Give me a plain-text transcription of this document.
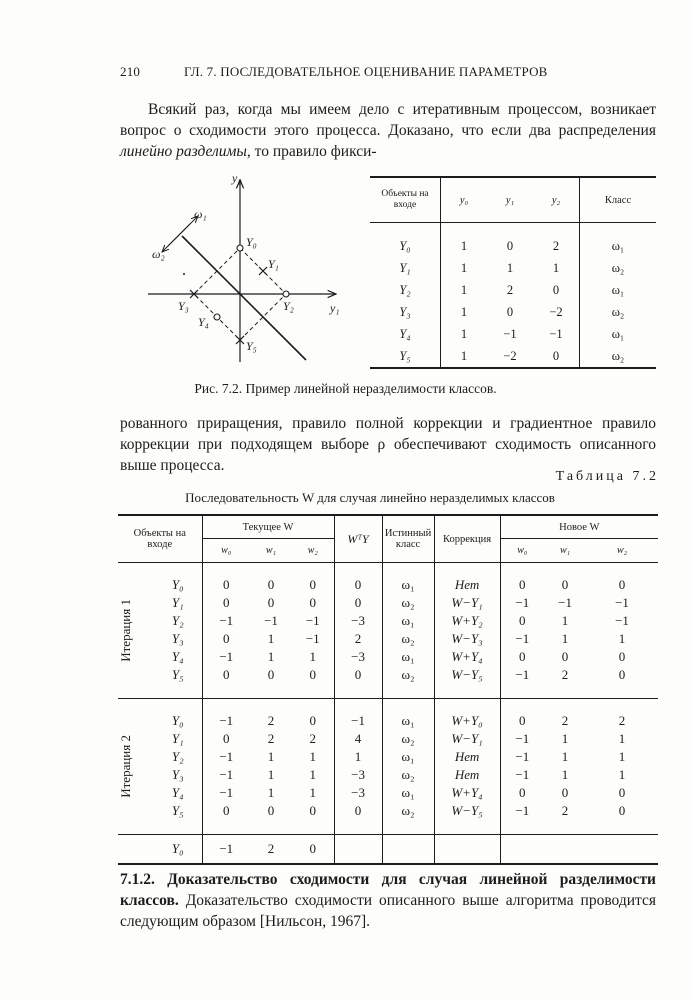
210	ГЛ. 7. ПОСЛЕДОВАТЕЛЬНОЕ ОЦЕНИВАНИЕ ПАРАМЕТРОВ

Всякий раз, когда мы имеем дело с итеративным процессом, возникает вопрос о сходимости этого процесса. Доказано, что если два распределения линейно разделимы, то правило фикси-

y₂
y₁
ω₁
ω₂
Y₀
Y₁
Y₂
Y₃
Y₄
Y₅
Объекты на входе	y₀	y₁	y₂	Класс
Y₀	1	0	2	ω₁
Y₁	1	1	1	ω₂
Y₂	1	2	0	ω₁
Y₃	1	0	−2	ω₂
Y₄	1	−1	−1	ω₁
Y₅	1	−2	0	ω₂
Рис. 7.2. Пример линейной неразделимости классов.

рованного приращения, правило полной коррекции и градиентное правило коррекции при подходящем выборе ρ обеспечивают сходимость описанного выше процесса.

Таблица 7.2
Последовательность W для случая линейно неразделимых классов
Объекты на входе		Текущее W			WᵀY	Истинный класс	Коррекция	Новое W		
		w₀	w₁	w₂				w₀	w₁	w₂

Итерация 1	Y₀	0	0	0	0	ω₁	Нет	0	0	0
	Y₁	0	0	0	0	ω₂	W−Y₁	−1	−1	−1
	Y₂	−1	−1	−1	−3	ω₁	W+Y₂	0	1	−1
	Y₃	0	1	−1	2	ω₂	W−Y₃	−1	1	1
	Y₄	−1	1	1	−3	ω₁	W+Y₄	0	0	0
	Y₅	0	0	0	0	ω₂	W−Y₅	−1	2	0

Итерация 2	Y₀	−1	2	0	−1	ω₁	W+Y₀	0	2	2
	Y₁	0	2	2	4	ω₂	W−Y₁	−1	1	1
	Y₂	−1	1	1	1	ω₁	Нет	−1	1	1
	Y₃	−1	1	1	−3	ω₂	Нет	−1	1	1
	Y₄	−1	1	1	−3	ω₁	W+Y₄	0	0	0
	Y₅	0	0	0	0	ω₂	W−Y₅	−1	2	0
	Y₀	−1	2	0						

7.1.2. Доказательство сходимости для случая линейной разделимости классов. Доказательство сходимости описанного выше алгоритма проводится следующим образом [Нильсон, 1967].
